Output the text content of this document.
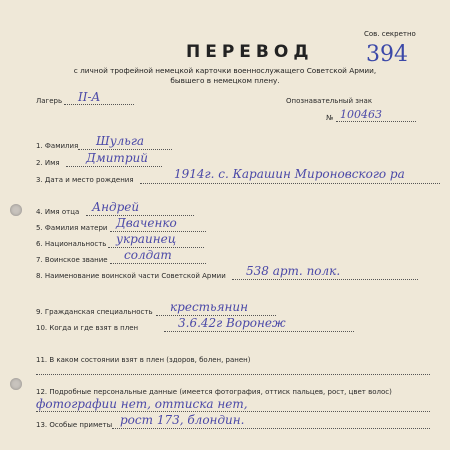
Сов. секретно
394
ПЕРЕВОД
с личной трофейной немецкой карточки военнослужащего Советской Армии, бывшего в немецком плену.
Лагерь II-A	Опознавательный знак
№ 100463
1. Фамилия Шульга
2. Имя Дмитрий
3. Дата и место рождения	1914г. с. Карашин Мироновского ра
4. Имя отца Андрей
5. Фамилия матери Дваченко
6. Национальность украинец
7. Воинское звание солдат
8. Наименование воинской части Советской Армии 538 арт. полк.
9. Гражданская специальность крестьянин
10. Когда и где взят в плен	3.6.42г Воронеж
11. В каком состоянии взят в плен (здоров, болен, ранен)
12. Подробные персональные данные (имеется фотография, оттиск пальцев, рост, цвет волос)
фотографии нет, оттиска нет,
13. Особые приметы рост 173, блондин.
